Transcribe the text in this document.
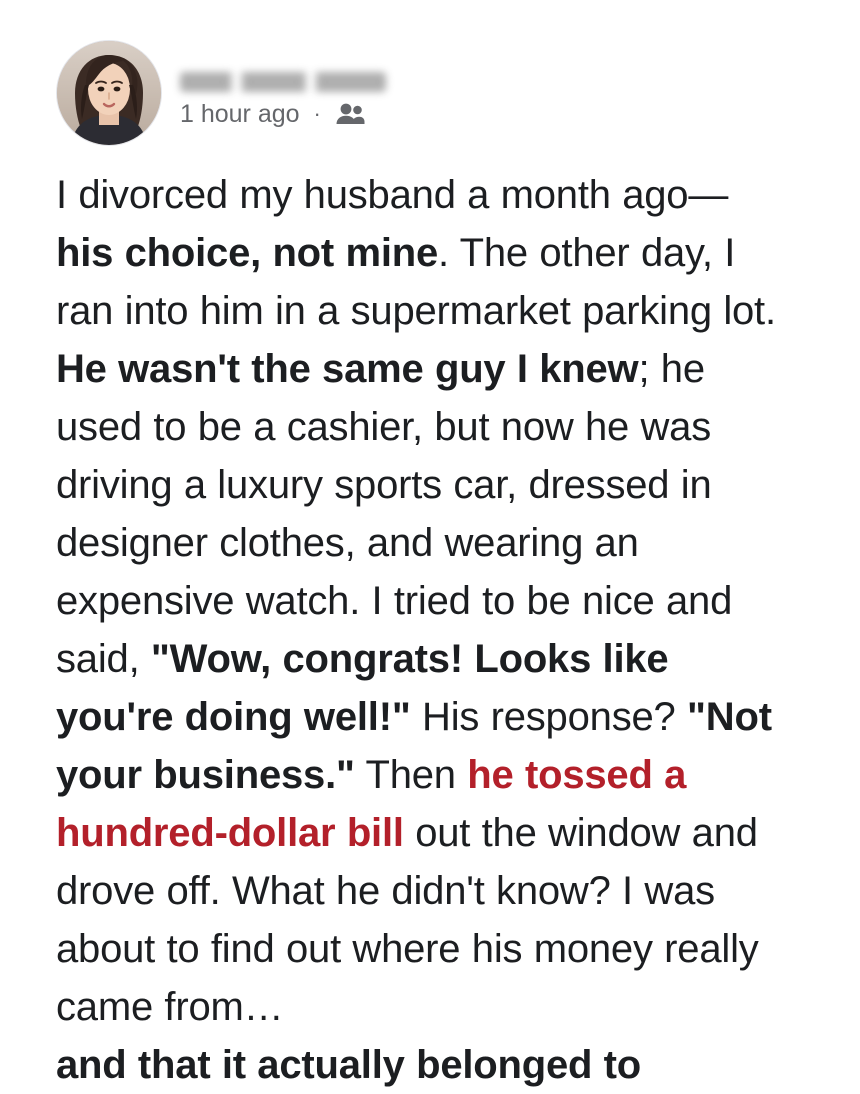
1 hour ago ·
I divorced my husband a month ago—his choice, not mine. The other day, I ran into him in a supermarket parking lot. He wasn't the same guy I knew; he used to be a cashier, but now he was driving a luxury sports car, dressed in designer clothes, and wearing an expensive watch. I tried to be nice and said, "Wow, congrats! Looks like you're doing well!" His response? "Not your business." Then he tossed a hundred-dollar bill out the window and drove off. What he didn't know? I was about to find out where his money really came from…
and that it actually belonged to
